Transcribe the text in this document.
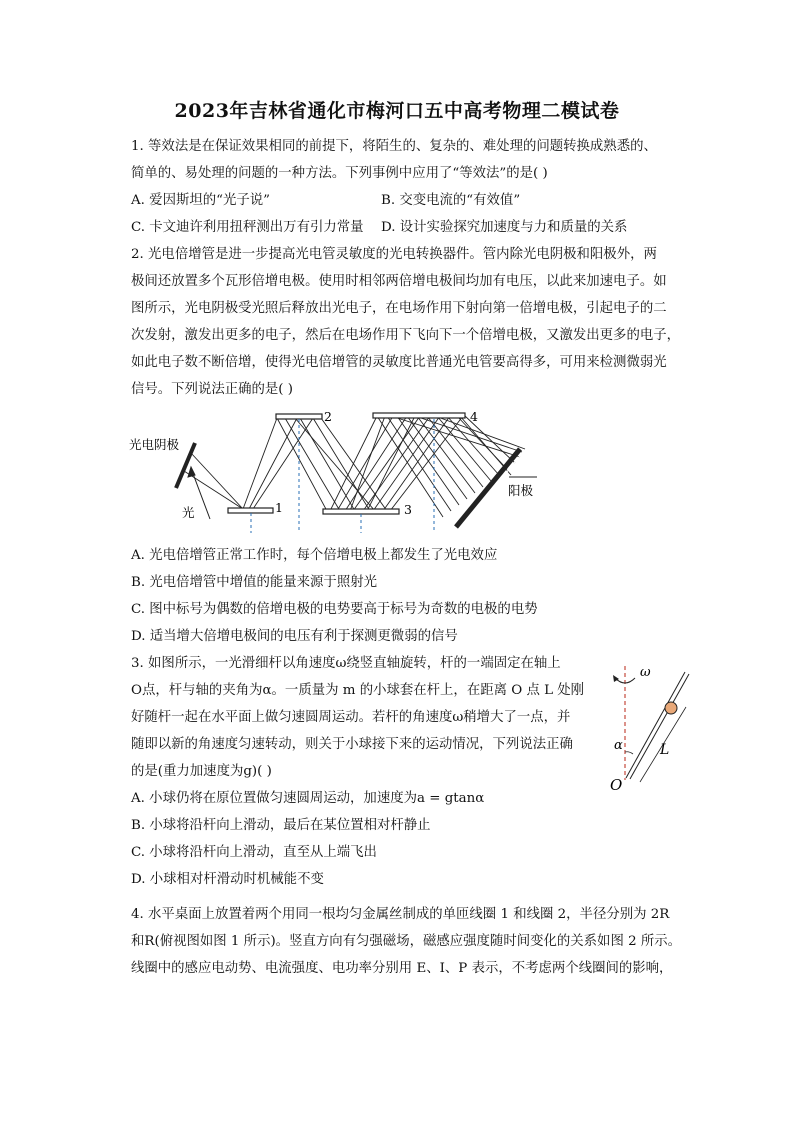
2023年吉林省通化市梅河口五中高考物理二模试卷
1. 等效法是在保证效果相同的前提下，将陌生的、复杂的、难处理的问题转换成熟悉的、
简单的、易处理的问题的一种方法。下列事例中应用了“等效法”的是( )
A. 爱因斯坦的“光子说”	B. 交变电流的“有效值”
C. 卡文迪许利用扭秤测出万有引力常量 D. 设计实验探究加速度与力和质量的关系
2. 光电倍增管是进一步提高光电管灵敏度的光电转换器件。管内除光电阴极和阳极外，两
极间还放置多个瓦形倍增电极。使用时相邻两倍增电极间均加有电压，以此来加速电子。如
图所示，光电阴极受光照后释放出光电子，在电场作用下射向第一倍增电极，引起电子的二
次发射，激发出更多的电子，然后在电场作用下飞向下一个倍增电极，又激发出更多的电子，
如此电子数不断倍增，使得光电倍增管的灵敏度比普通光电管要高得多，可用来检测微弱光
信号。下列说法正确的是( )
光电阴极
光
阳极
1
2
3
4
A. 光电倍增管正常工作时，每个倍增电极上都发生了光电效应
B. 光电倍增管中增值的能量来源于照射光
C. 图中标号为偶数的倍增电极的电势要高于标号为奇数的电极的电势
D. 适当增大倍增电极间的电压有利于探测更微弱的信号
3. 如图所示，一光滑细杆以角速度ω绕竖直轴旋转，杆的一端固定在轴上
O点，杆与轴的夹角为α。一质量为 m 的小球套在杆上，在距离 O 点 L 处刚
好随杆一起在水平面上做匀速圆周运动。若杆的角速度ω稍增大了一点，并
随即以新的角速度匀速转动，则关于小球接下来的运动情况，下列说法正确
的是(重力加速度为g)( )
ω
L
α
O
A. 小球仍将在原位置做匀速圆周运动，加速度为a = gtanα
B. 小球将沿杆向上滑动，最后在某位置相对杆静止
C. 小球将沿杆向上滑动，直至从上端飞出
D. 小球相对杆滑动时机械能不变
4. 水平桌面上放置着两个用同一根均匀金属丝制成的单匝线圈 1 和线圈 2，半径分别为 2R
和R(俯视图如图 1 所示)。竖直方向有匀强磁场，磁感应强度随时间变化的关系如图 2 所示。
线圈中的感应电动势、电流强度、电功率分别用 E、I、P 表示，不考虑两个线圈间的影响，
